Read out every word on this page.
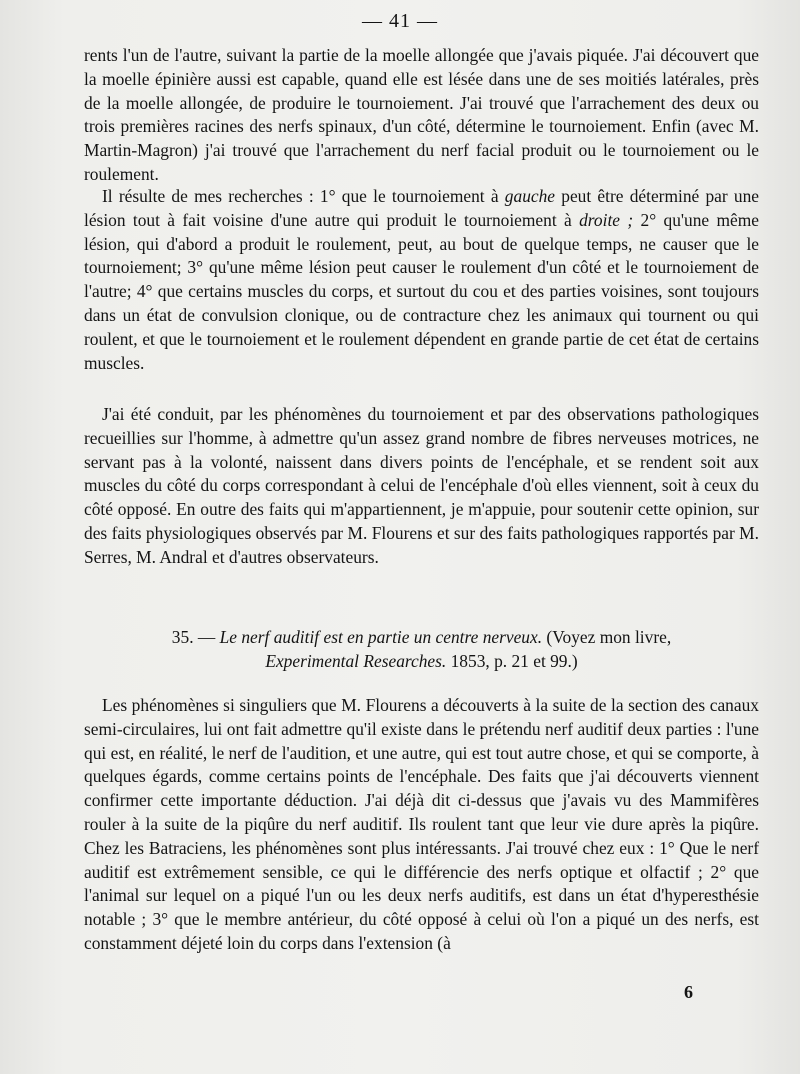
— 41 —

rents l'un de l'autre, suivant la partie de la moelle allongée que j'avais piquée. J'ai découvert que la moelle épinière aussi est capable, quand elle est lésée dans une de ses moitiés latérales, près de la moelle allongée, de produire le tournoiement. J'ai trouvé que l'arrachement des deux ou trois premières racines des nerfs spinaux, d'un côté, détermine le tournoiement. Enfin (avec M. Martin-Magron) j'ai trouvé que l'arrachement du nerf facial produit ou le tournoiement ou le roulement.

Il résulte de mes recherches : 1° que le tournoiement à gauche peut être déterminé par une lésion tout à fait voisine d'une autre qui produit le tournoiement à droite ; 2° qu'une même lésion, qui d'abord a produit le roulement, peut, au bout de quelque temps, ne causer que le tournoiement; 3° qu'une même lésion peut causer le roulement d'un côté et le tournoiement de l'autre; 4° que certains muscles du corps, et surtout du cou et des parties voisines, sont toujours dans un état de convulsion clonique, ou de contracture chez les animaux qui tournent ou qui roulent, et que le tournoiement et le roulement dépendent en grande partie de cet état de certains muscles.

J'ai été conduit, par les phénomènes du tournoiement et par des observations pathologiques recueillies sur l'homme, à admettre qu'un assez grand nombre de fibres nerveuses motrices, ne servant pas à la volonté, naissent dans divers points de l'encéphale, et se rendent soit aux muscles du côté du corps correspondant à celui de l'encéphale d'où elles viennent, soit à ceux du côté opposé. En outre des faits qui m'appartiennent, je m'appuie, pour soutenir cette opinion, sur des faits physiologiques observés par M. Flourens et sur des faits pathologiques rapportés par M. Serres, M. Andral et d'autres observateurs.

35. — Le nerf auditif est en partie un centre nerveux. (Voyez mon livre,
Experimental Researches. 1853, p. 21 et 99.)

Les phénomènes si singuliers que M. Flourens a découverts à la suite de la section des canaux semi-circulaires, lui ont fait admettre qu'il existe dans le prétendu nerf auditif deux parties : l'une qui est, en réalité, le nerf de l'audition, et une autre, qui est tout autre chose, et qui se comporte, à quelques égards, comme certains points de l'encéphale. Des faits que j'ai découverts viennent confirmer cette importante déduction. J'ai déjà dit ci-dessus que j'avais vu des Mammifères rouler à la suite de la piqûre du nerf auditif. Ils roulent tant que leur vie dure après la piqûre. Chez les Batraciens, les phénomènes sont plus intéressants. J'ai trouvé chez eux : 1° Que le nerf auditif est extrêmement sensible, ce qui le différencie des nerfs optique et olfactif ; 2° que l'animal sur lequel on a piqué l'un ou les deux nerfs auditifs, est dans un état d'hyperesthésie notable ; 3° que le membre antérieur, du côté opposé à celui où l'on a piqué un des nerfs, est constamment déjeté loin du corps dans l'extension (à

6
